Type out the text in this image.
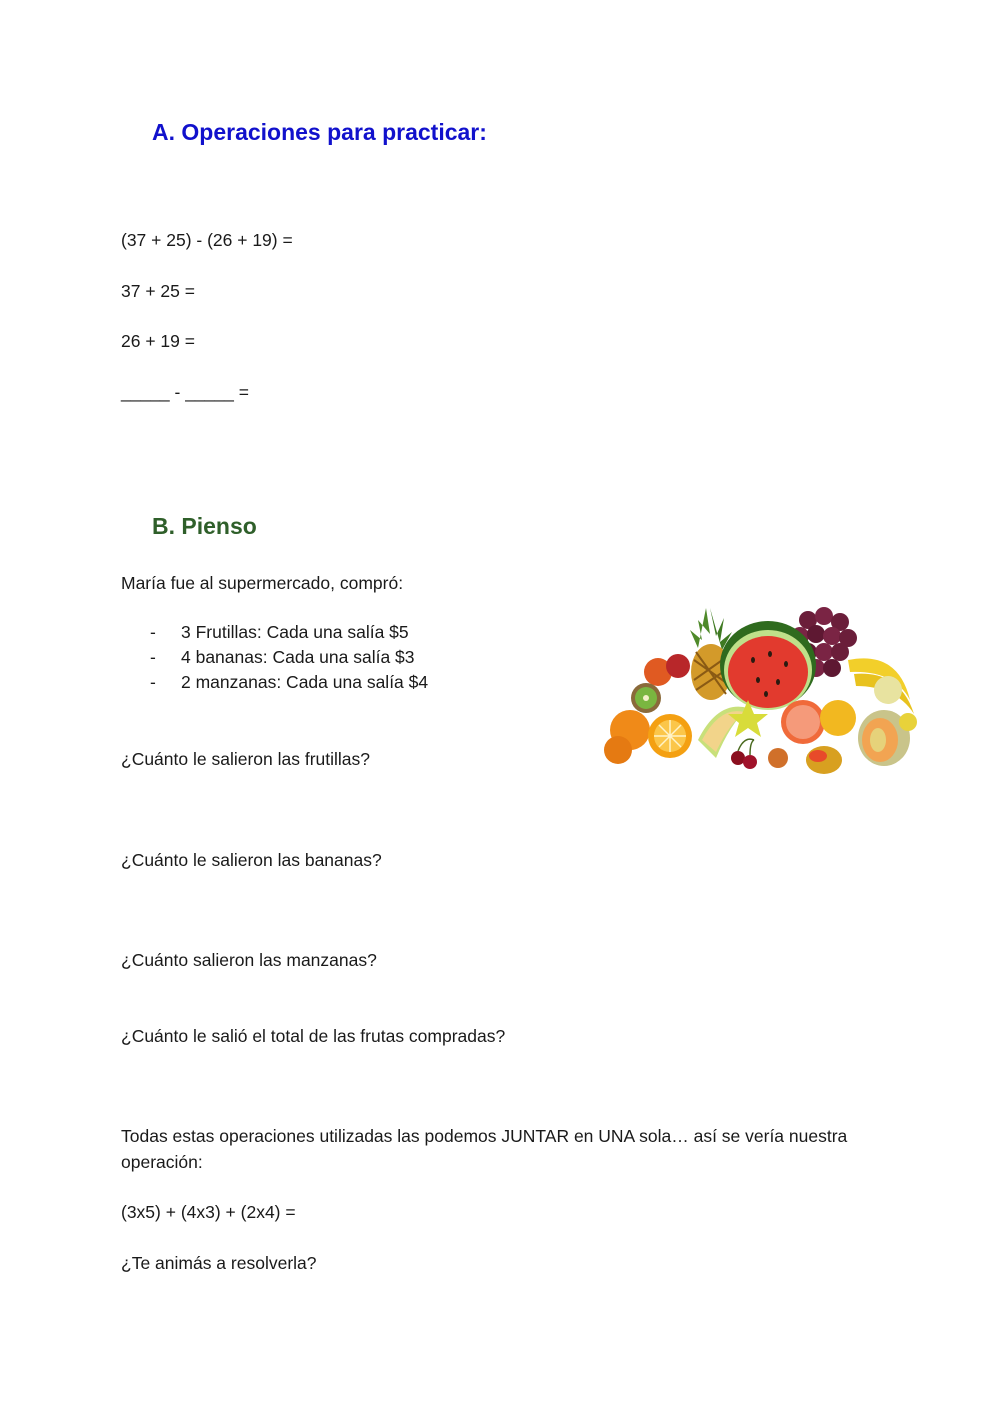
A. Operaciones para practicar:
(37 + 25) - (26 + 19) =
37 + 25 =
26 + 19 =
_____ - _____ =
B. Pienso
María fue al supermercado, compró:
- 3 Frutillas: Cada una salía $5
- 4 bananas: Cada una salía $3
- 2 manzanas: Cada una salía $4
¿Cuánto le salieron las frutillas?
¿Cuánto le salieron las bananas?
¿Cuánto salieron las manzanas?
¿Cuánto le salió el total de las frutas compradas?
Todas estas operaciones utilizadas las podemos JUNTAR en UNA sola… así se vería nuestra operación:
(3x5) + (4x3) + (2x4) =
¿Te animás a resolverla?
